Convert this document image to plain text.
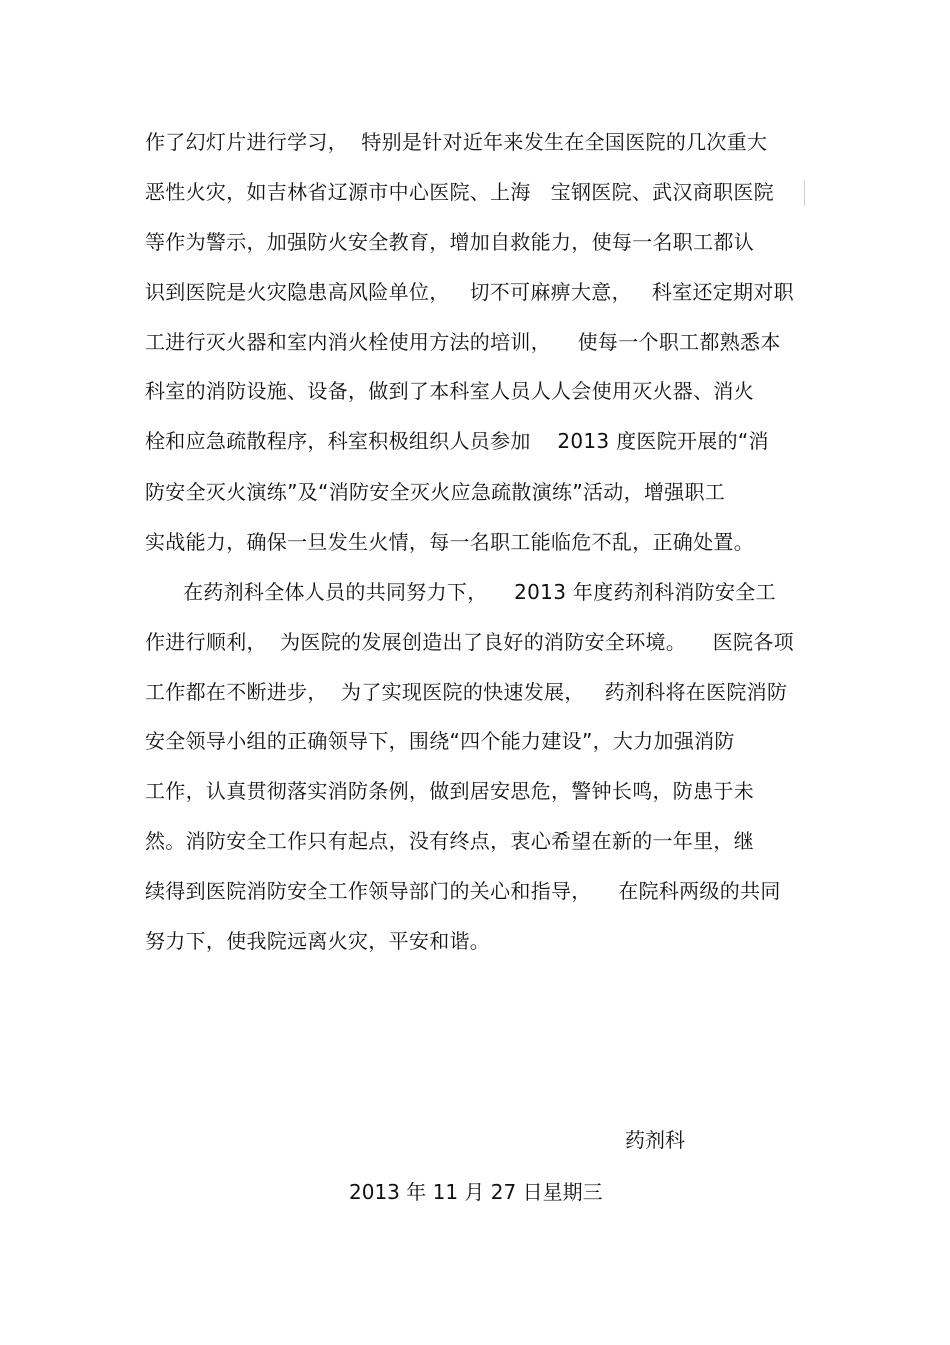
作了幻灯片进行学习，  特别是针对近年来发生在全国医院的几次重大
恶性火灾，如吉林省辽源市中心医院、上海   宝钢医院、武汉商职医院
等作为警示，加强防火安全教育，增加自救能力，使每一名职工都认
识到医院是火灾隐患高风险单位，   切不可麻痹大意，   科室还定期对职
工进行灭火器和室内消火栓使用方法的培训，    使每一个职工都熟悉本
科室的消防设施、设备，做到了本科室人员人人会使用灭火器、消火
栓和应急疏散程序，科室积极组织人员参加    2013 度医院开展的“消
防安全灭火演练”及“消防安全灭火应急疏散演练”活动，增强职工
实战能力，确保一旦发生火情，每一名职工能临危不乱，正确处置。
在药剂科全体人员的共同努力下，    2013 年度药剂科消防安全工
作进行顺利，  为医院的发展创造出了良好的消防安全环境。    医院各项
工作都在不断进步，  为了实现医院的快速发展，   药剂科将在医院消防
安全领导小组的正确领导下，围绕“四个能力建设”，大力加强消防
工作，认真贯彻落实消防条例，做到居安思危，警钟长鸣，防患于未
然。消防安全工作只有起点，没有终点，衷心希望在新的一年里，继
续得到医院消防安全工作领导部门的关心和指导，    在院科两级的共同
努力下，使我院远离火灾，平安和谐。
药剂科
2013 年 11 月 27 日星期三
